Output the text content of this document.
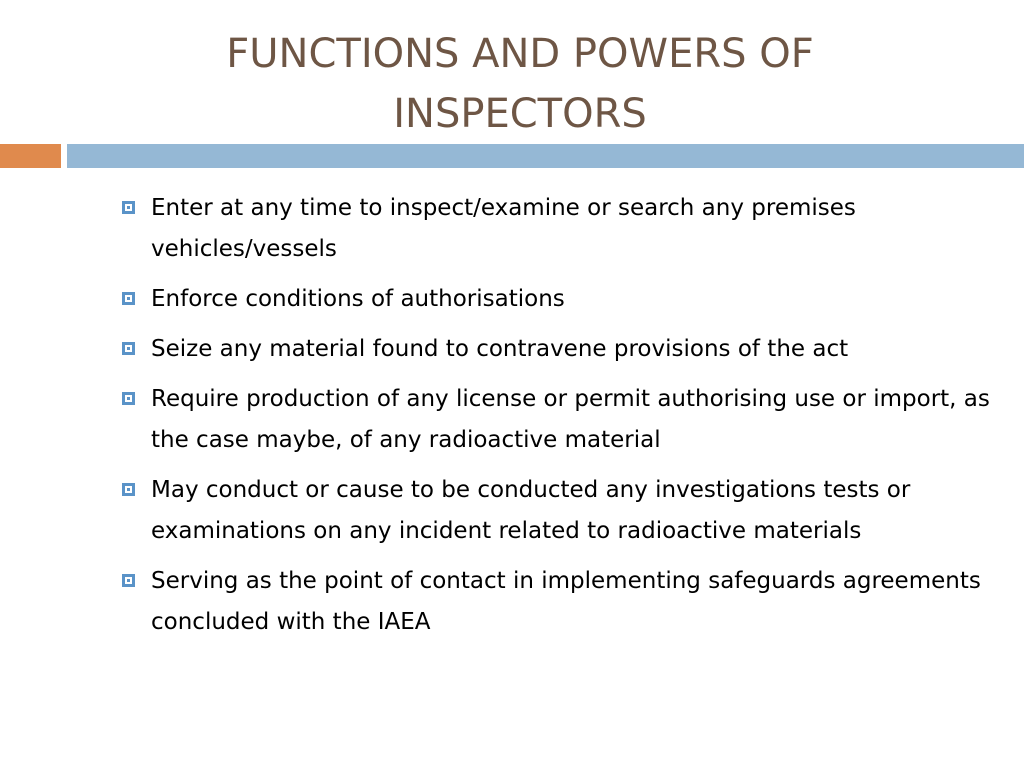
FUNCTIONS AND POWERS OF
INSPECTORS
Enter at any time to inspect/examine or search any premises vehicles/vessels
Enforce conditions of authorisations
Seize any material found to contravene provisions of the act
Require production of any license or permit authorising use or import, as the case maybe, of any radioactive material
May conduct or cause to be conducted any investigations tests or examinations on any incident related to radioactive materials
Serving as the point of contact in implementing safeguards agreements concluded with the IAEA
